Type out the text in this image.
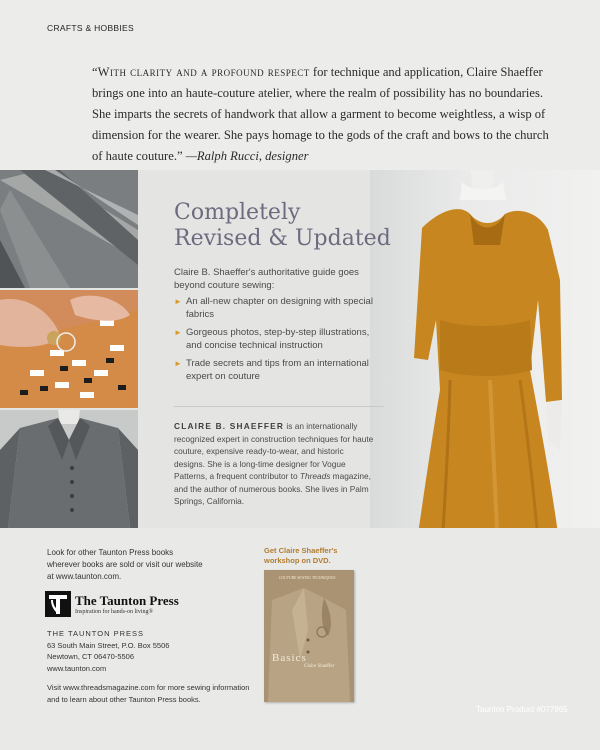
CRAFTS & HOBBIES
“With clarity and a profound respect for technique and application, Claire Shaeffer brings one into an haute-couture atelier, where the realm of possibility has no boundaries. She imparts the secrets of handwork that allow a garment to become weightless, a wisp of dimension for the wearer. She pays homage to the gods of the craft and bows to the church of haute couture.” —Ralph Rucci, designer
Completely
Revised & Updated
Claire B. Shaeffer's authoritative guide goes beyond couture sewing:
► An all-new chapter on designing with special fabrics
► Gorgeous photos, step-by-step illustrations, and concise technical instruction
► Trade secrets and tips from an international expert on couture
CLAIRE B. SHAEFFER is an internationally recognized expert in construction techniques for haute couture, expensive ready-to-wear, and historic designs. She is a long-time designer for Vogue Patterns, a frequent contributor to Threads magazine, and the author of numerous books. She lives in Palm Springs, California.
Look for other Taunton Press books wherever books are sold or visit our website at www.taunton.com.
The Taunton Press
Inspiration for hands-on living®
THE TAUNTON PRESS
63 South Main Street, P.O. Box 5506
Newtown, CT 06470-5506
www.taunton.com
Visit www.threadsmagazine.com for more sewing information and to learn about other Taunton Press books.
Get Claire Shaeffer's
workshop on DVD.
COUTURE SEWING TECHNIQUES
Basics
Claire Shaeffer
Taunton Product #077865
